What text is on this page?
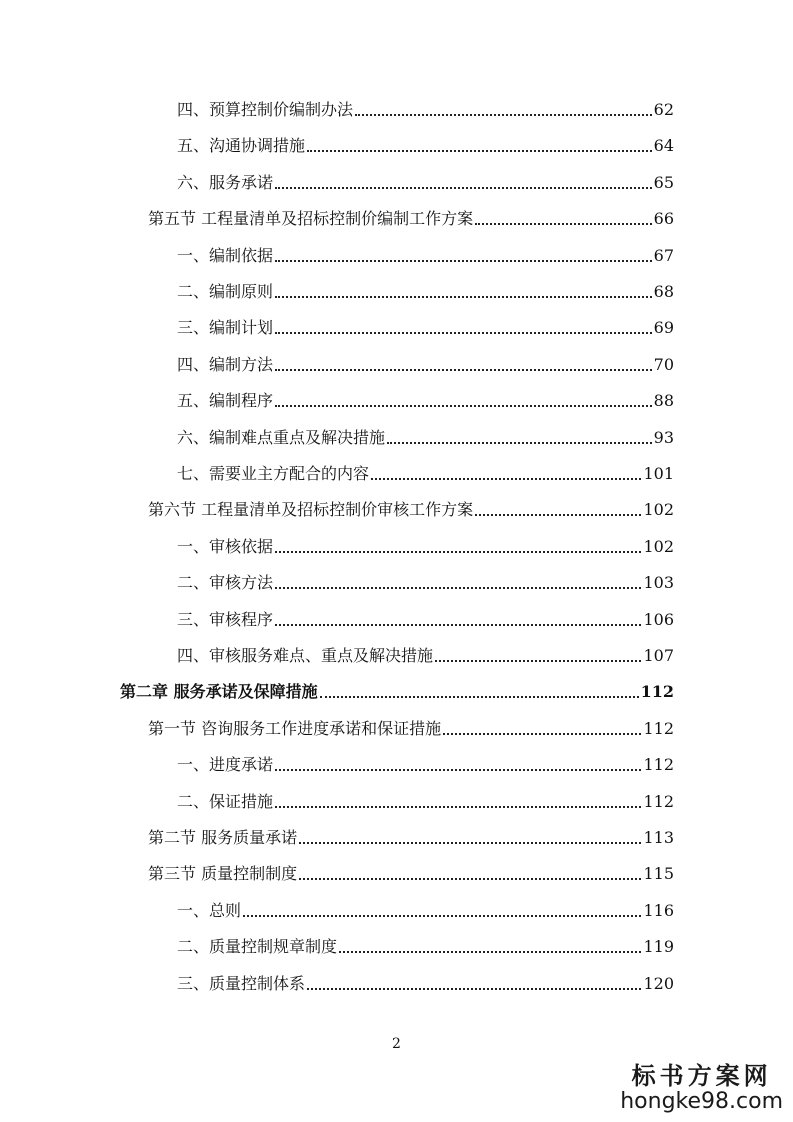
四、预算控制价编制办法	62
五、沟通协调措施	64
六、服务承诺	65
第五节 工程量清单及招标控制价编制工作方案	66
一、编制依据	67
二、编制原则	68
三、编制计划	69
四、编制方法	70
五、编制程序	88
六、编制难点重点及解决措施	93
七、需要业主方配合的内容	101
第六节 工程量清单及招标控制价审核工作方案	102
一、审核依据	102
二、审核方法	103
三、审核程序	106
四、审核服务难点、重点及解决措施	107
第二章 服务承诺及保障措施	112
第一节 咨询服务工作进度承诺和保证措施	112
一、进度承诺	112
二、保证措施	112
第二节 服务质量承诺	113
第三节 质量控制制度	115
一、总则	116
二、质量控制规章制度	119
三、质量控制体系	120
2
标书方案网
hongke98.com
